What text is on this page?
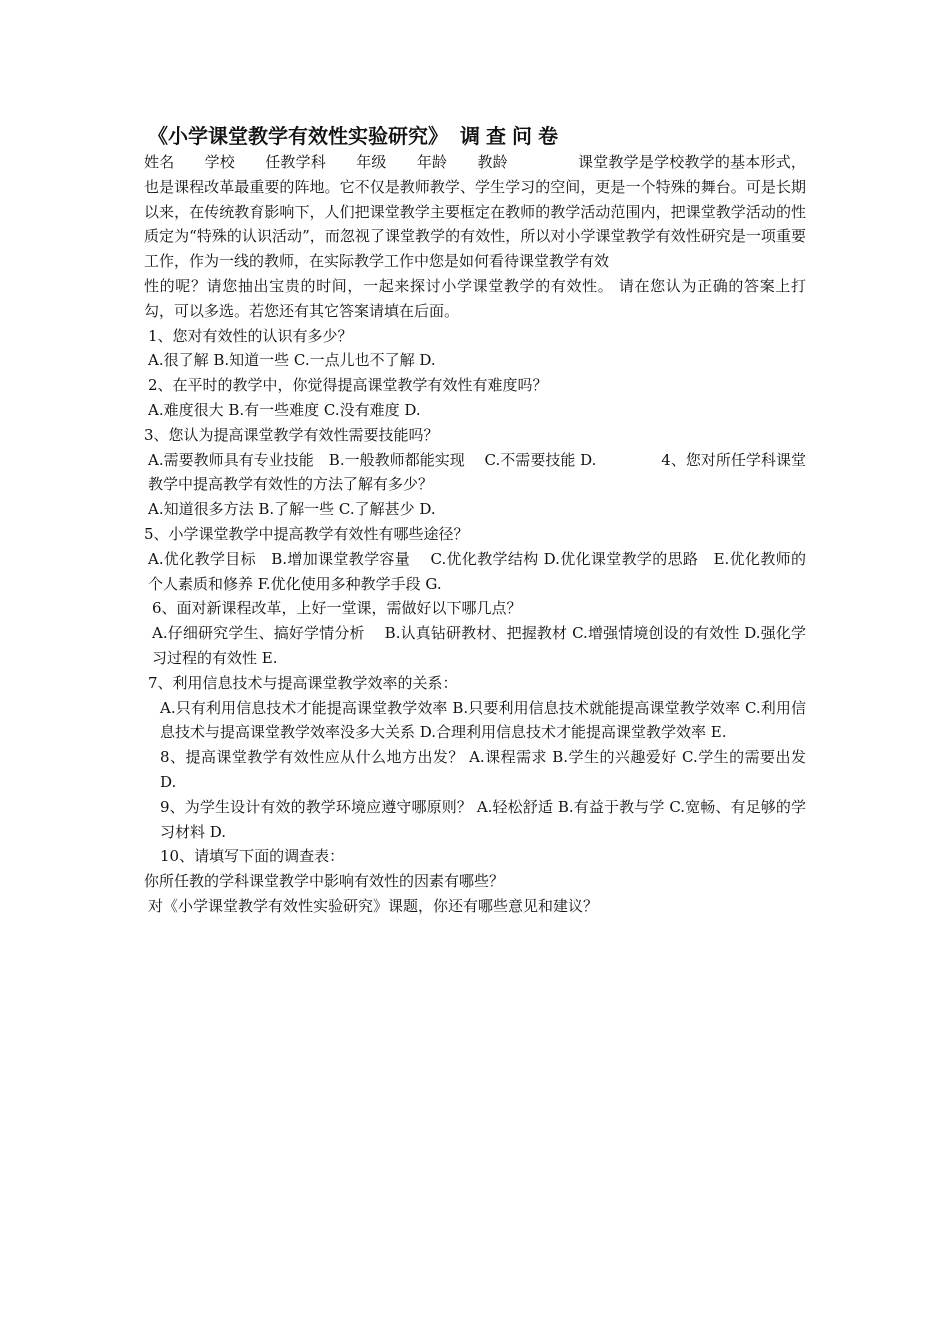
《小学课堂教学有效性实验研究》 调查问卷
姓名 学校 任教学科 年级 年龄 教龄	课堂教学是学校教学的基本形式，也是课程改革最重要的阵地。它不仅是教师教学、学生学习的空间，更是一个特殊的舞台。可是长期以来，在传统教育影响下，人们把课堂教学主要框定在教师的教学活动范围内，把课堂教学活动的性质定为“特殊的认识活动”，而忽视了课堂教学的有效性，所以对小学课堂教学有效性研究是一项重要工作，作为一线的教师，在实际教学工作中您是如何看待课堂教学有效
性的呢？请您抽出宝贵的时间，一起来探讨小学课堂教学的有效性。 请在您认为正确的答案上打勾，可以多选。若您还有其它答案请填在后面。
1、您对有效性的认识有多少？
A.很了解 B.知道一些 C.一点儿也不了解 D.
2、在平时的教学中，你觉得提高课堂教学有效性有难度吗？
A.难度很大 B.有一些难度 C.没有难度 D.
3、您认为提高课堂教学有效性需要技能吗？
A.需要教师具有专业技能　B.一般教师都能实现　 C.不需要技能 D.　　　　 4、您对所任学科课堂教学中提高教学有效性的方法了解有多少？
A.知道很多方法 B.了解一些 C.了解甚少 D.
5、小学课堂教学中提高教学有效性有哪些途径？
A.优化教学目标　B.增加课堂教学容量　 C.优化教学结构 D.优化课堂教学的思路　E.优化教师的个人素质和修养 F.优化使用多种教学手段 G.
6、面对新课程改革，上好一堂课，需做好以下哪几点？
A.仔细研究学生、搞好学情分析　 B.认真钻研教材、把握教材 C.增强情境创设的有效性 D.强化学习过程的有效性 E.
7、利用信息技术与提高课堂教学效率的关系：
A.只有利用信息技术才能提高课堂教学效率 B.只要利用信息技术就能提高课堂教学效率 C.利用信息技术与提高课堂教学效率没多大关系 D.合理利用信息技术才能提高课堂教学效率 E.
8、提高课堂教学有效性应从什么地方出发？ A.课程需求 B.学生的兴趣爱好 C.学生的需要出发 D.
9、为学生设计有效的教学环境应遵守哪原则？ A.轻松舒适 B.有益于教与学 C.宽畅、有足够的学习材料 D.
10、请填写下面的调查表：
你所任教的学科课堂教学中影响有效性的因素有哪些？
对《小学课堂教学有效性实验研究》课题，你还有哪些意见和建议？
